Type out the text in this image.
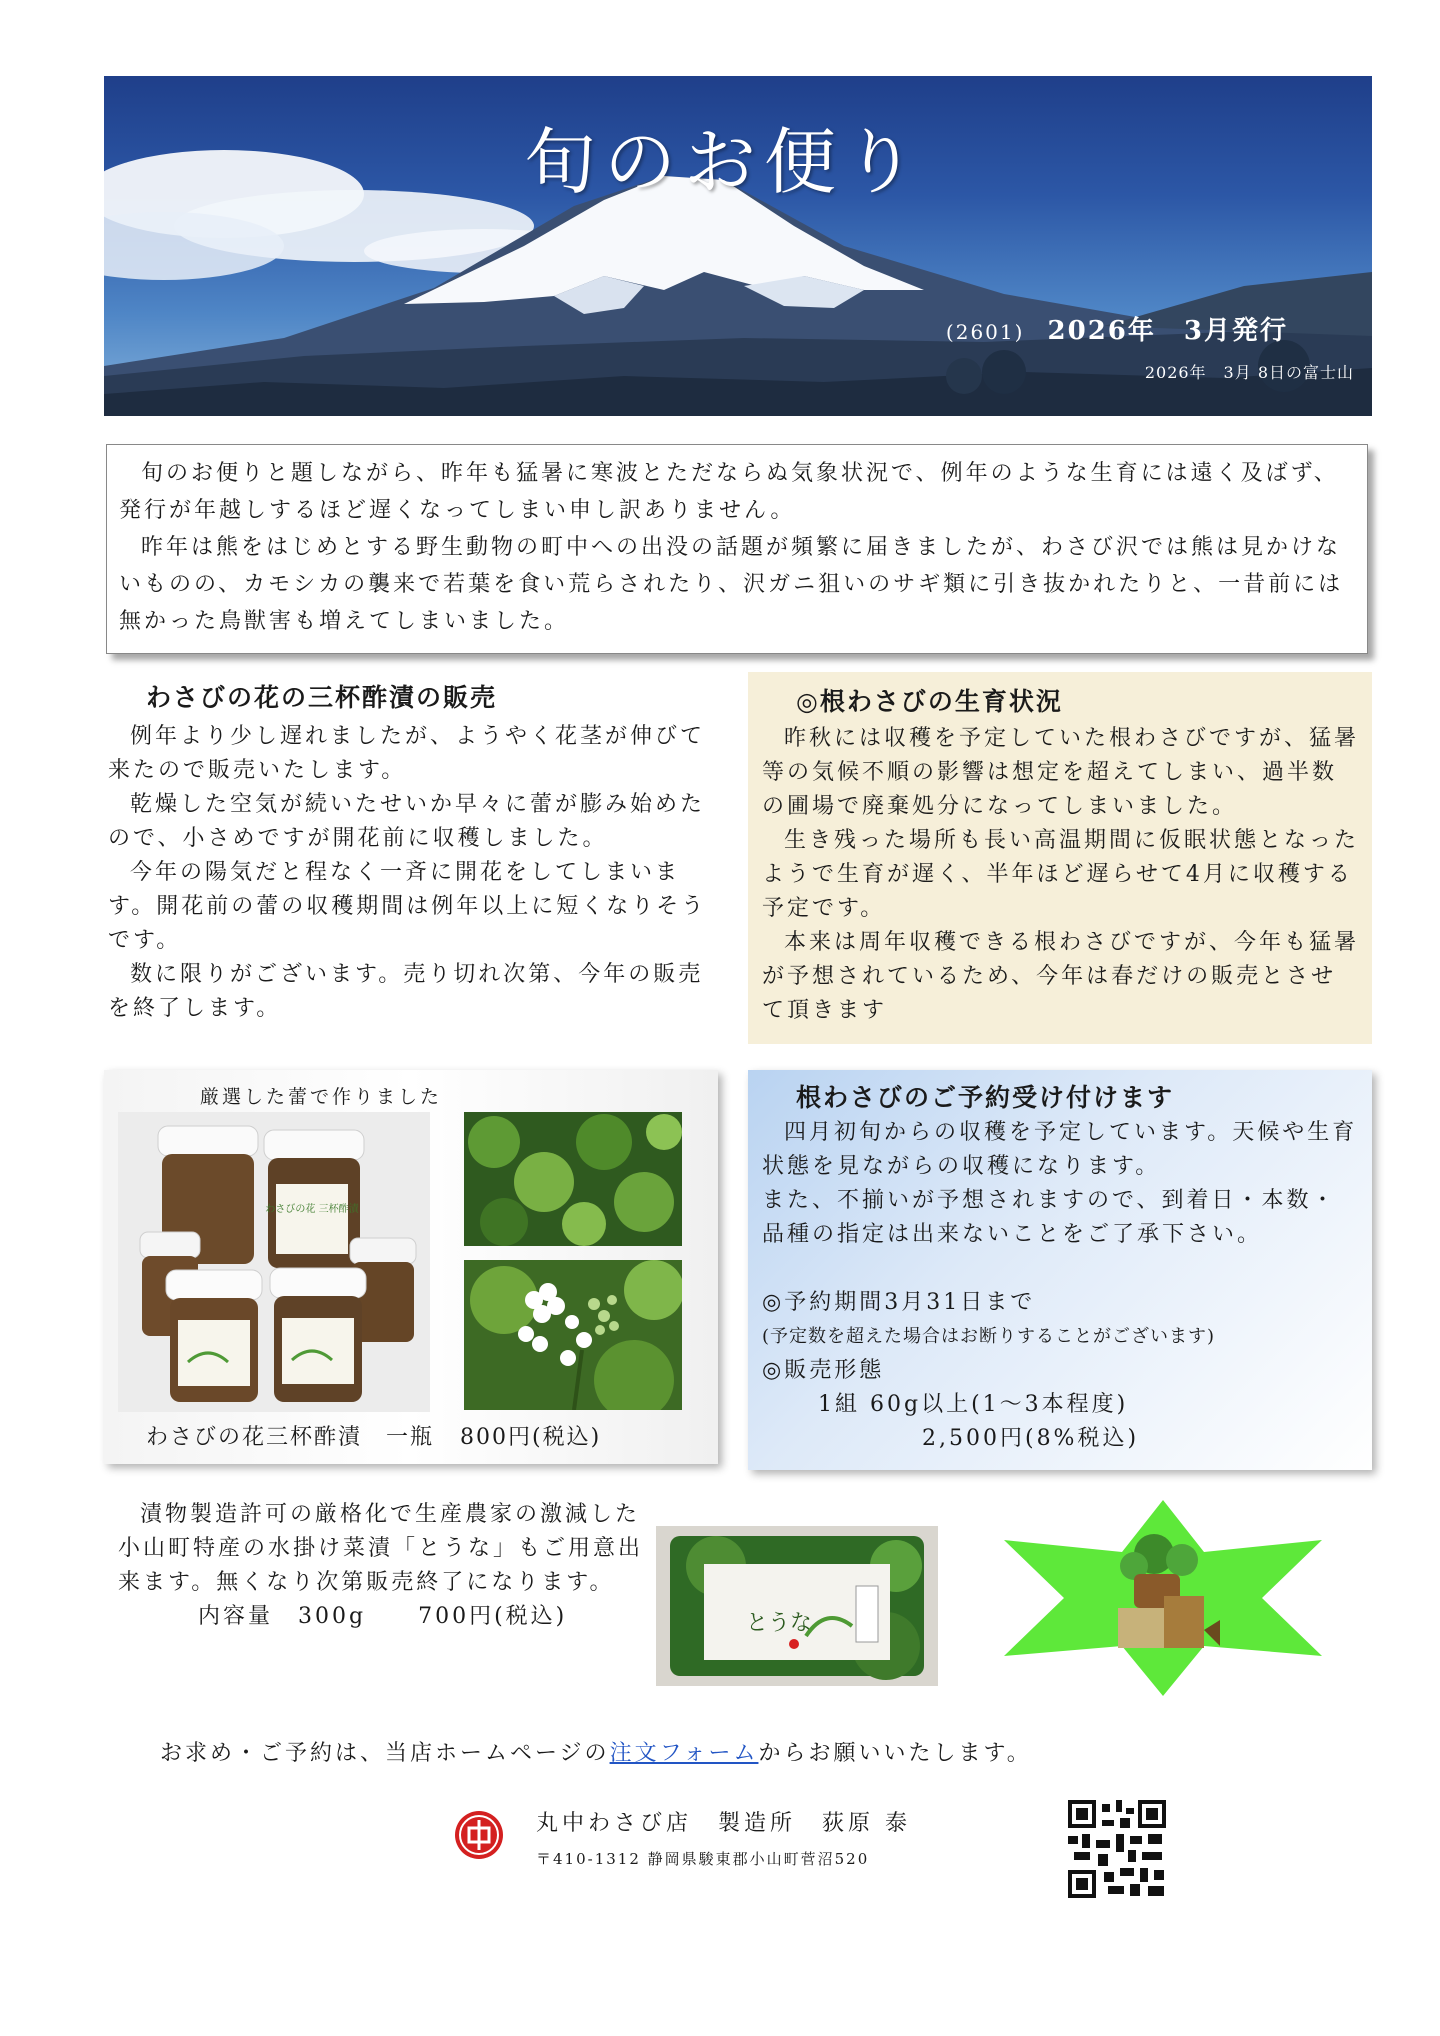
旬のお便り
(2601) 2026年　3月発行
2026年　3月 8日の富士山

旬のお便りと題しながら、昨年も猛暑に寒波とただならぬ気象状況で、例年のような生育には遠く及ばず、発行が年越しするほど遅くなってしまい申し訳ありません。

昨年は熊をはじめとする野生動物の町中への出没の話題が頻繁に届きましたが、わさび沢では熊は見かけないものの、カモシカの襲来で若葉を食い荒らされたり、沢ガニ狙いのサギ類に引き抜かれたりと、一昔前には無かった鳥獣害も増えてしまいました。

わさびの花の三杯酢漬の販売

例年より少し遅れましたが、ようやく花茎が伸びて来たので販売いたします。

乾燥した空気が続いたせいか早々に蕾が膨み始めたので、小さめですが開花前に収穫しました。

今年の陽気だと程なく一斉に開花をしてしまいます。開花前の蕾の収穫期間は例年以上に短くなりそうです。

数に限りがございます。売り切れ次第、今年の販売を終了します。

◎根わさびの生育状況

昨秋には収穫を予定していた根わさびですが、猛暑等の気候不順の影響は想定を超えてしまい、過半数の圃場で廃棄処分になってしまいました。

生き残った場所も長い高温期間に仮眠状態となったようで生育が遅く、半年ほど遅らせて4月に収穫する予定です。

本来は周年収穫できる根わさびですが、今年も猛暑が予想されているため、今年は春だけの販売とさせて頂きます

厳選した蕾で作りました
わさびの花 三杯酢漬
わさびの花三杯酢漬　一瓶 800円(税込)
根わさびのご予約受け付けます

四月初旬からの収穫を予定しています。天候や生育状態を見ながらの収穫になります。

また、不揃いが予想されますので、到着日・本数・品種の指定は出来ないことをご了承下さい。

◎予約期間3月31日まで

(予定数を超えた場合はお断りすることがございます)

◎販売形態

1組 60g以上(1〜3本程度)

2,500円(8%税込)

漬物製造許可の厳格化で生産農家の激減した小山町特産の水掛け菜漬「とうな」もご用意出来ます。無くなり次第販売終了になります。

内容量　300g 700円(税込)	とうな
お求め・ご予約は、当店ホームページの注文フォームからお願いいたします。
丸中わさび店　製造所　荻原 泰
〒410-1312 静岡県駿東郡小山町菅沼520
